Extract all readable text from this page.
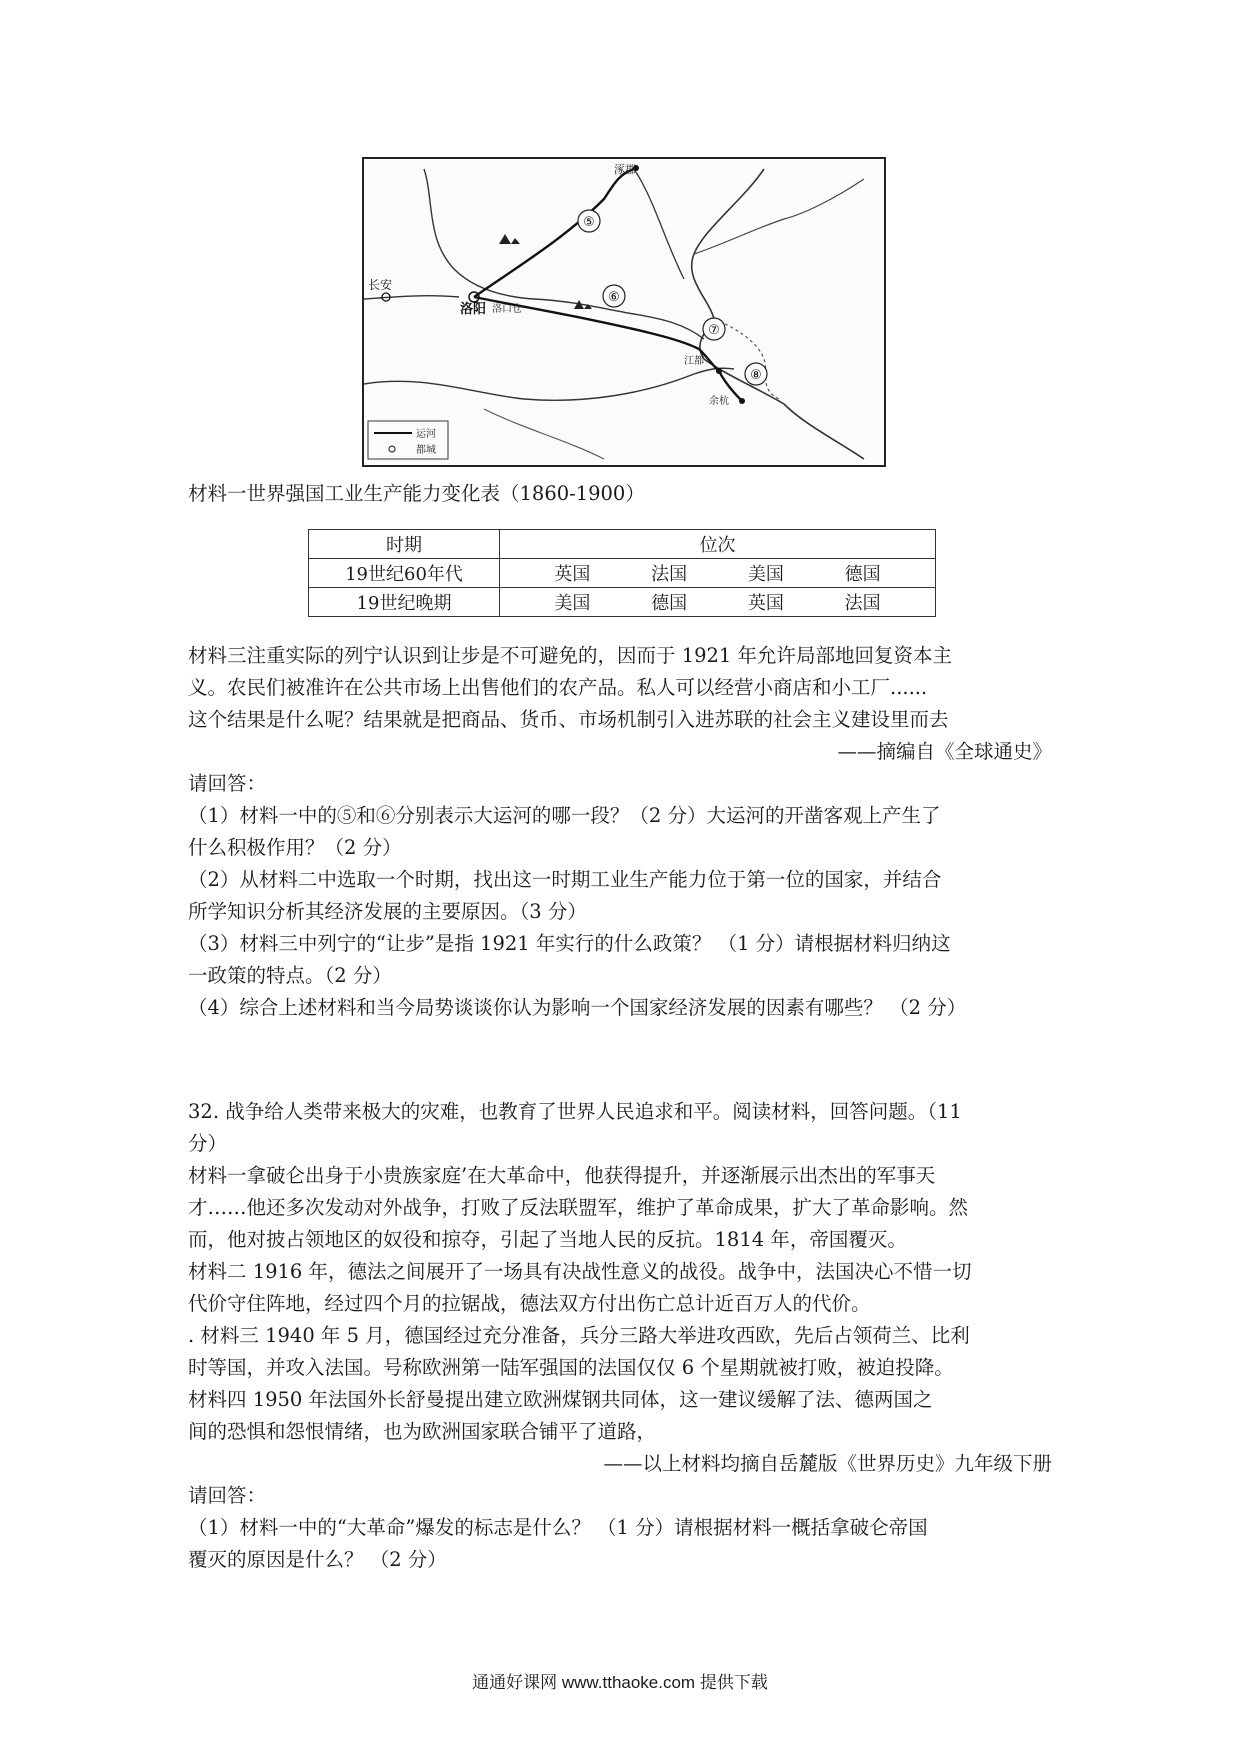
⑤
⑥
⑦
⑧
涿郡
长安
洛阳 洛口仓
江都
余杭
运河
都城
材料一世界强国工业生产能力变化表（1860-1900）
时期	位次
19世纪60年代	英国 法国 美国 德国

19世纪晚期	美国 德国 英国 法国
材料三注重实际的列宁认识到让步是不可避免的，因而于 1921 年允许局部地回复资本主
义。农民们被准许在公共市场上出售他们的农产品。私人可以经营小商店和小工厂......
这个结果是什么呢？结果就是把商品、货币、市场机制引入进苏联的社会主义建设里而去
——摘编自《全球通史》
请回答：
（1）材料一中的⑤和⑥分别表示大运河的哪一段？（2 分）大运河的开凿客观上产生了
什么积极作用？（2 分）
（2）从材料二中选取一个时期，找出这一时期工业生产能力位于第一位的国家，并结合
所学知识分析其经济发展的主要原因。（3 分）
（3）材料三中列宁的“让步”是指 1921 年实行的什么政策？ （1 分）请根据材料归纳这
一政策的特点。（2 分）
（4）综合上述材料和当今局势谈谈你认为影响一个国家经济发展的因素有哪些？ （2 分）
32. 战争给人类带来极大的灾难，也教育了世界人民追求和平。阅读材料，回答问题。（11
分）
材料一拿破仑出身于小贵族家庭’在大革命中，他获得提升，并逐渐展示出杰出的军事天
才……他还多次发动对外战争，打败了反法联盟军，维护了革命成果，扩大了革命影响。然
而，他对披占领地区的奴役和掠夺，引起了当地人民的反抗。1814 年，帝国覆灭。
材料二 1916 年，德法之间展开了一场具有决战性意义的战役。战争中，法国决心不惜一切
代价守住阵地，经过四个月的拉锯战，德法双方付出伤亡总计近百万人的代价。
. 材料三 1940 年 5 月，德国经过充分准备，兵分三路大举进攻西欧，先后占领荷兰、比利
时等国，并攻入法国。号称欧洲第一陆军强国的法国仅仅 6 个星期就被打败，被迫投降。
材料四 1950 年法国外长舒曼提出建立欧洲煤钢共同体，这一建议缓解了法、德两国之
间的恐惧和怨恨情绪，也为欧洲国家联合铺平了道路，
——以上材料均摘自岳麓版《世界历史》九年级下册
请回答：
（1）材料一中的“大革命”爆发的标志是什么？ （1 分）请根据材料一概括拿破仑帝国
覆灭的原因是什么？ （2 分）
通通好课网 www.tthaoke.com 提供下载
